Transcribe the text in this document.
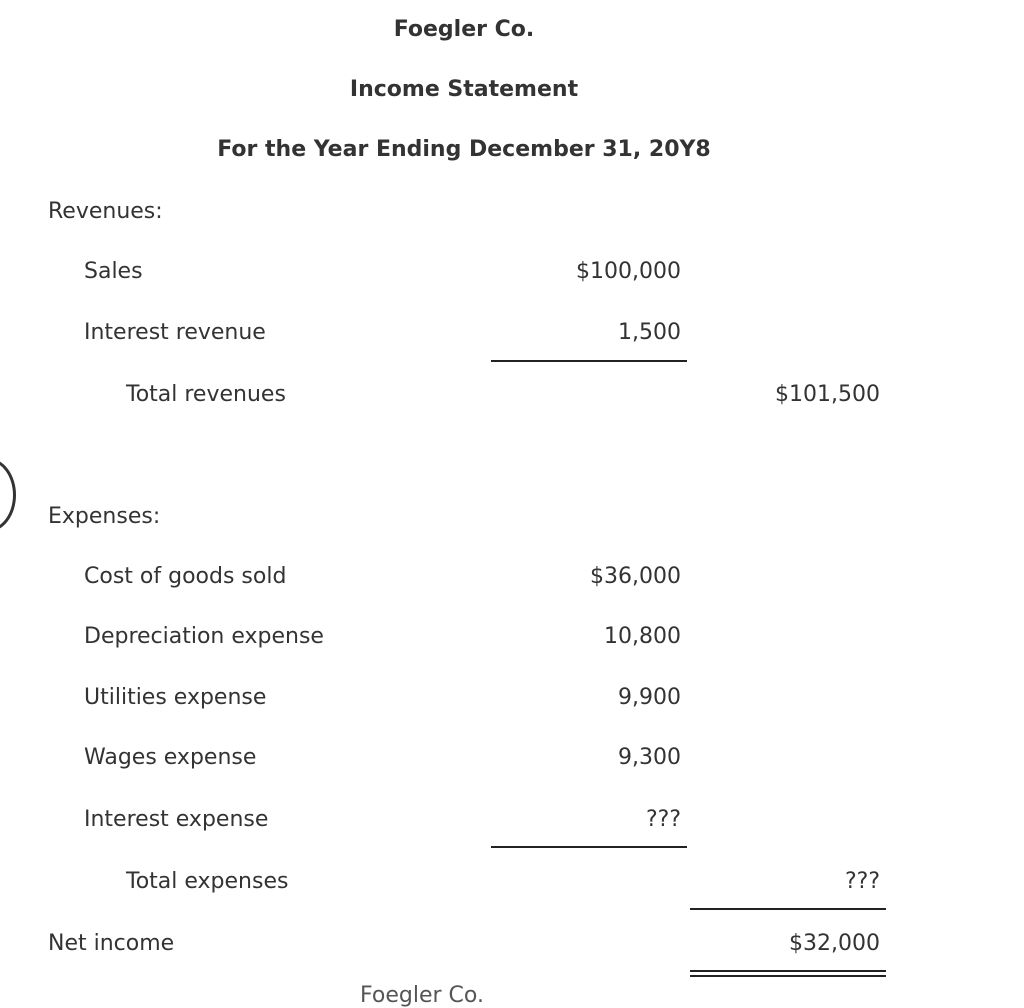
Foegler Co.
Income Statement
For the Year Ending December 31, 20Y8
Revenues:
Sales	$100,000
Interest revenue	1,500
Total revenues	$101,500
Expenses:
Cost of goods sold	$36,000
Depreciation expense	10,800
Utilities expense	9,900
Wages expense	9,300
Interest expense	???
Total expenses	???
Net income	$32,000
Foegler Co.
